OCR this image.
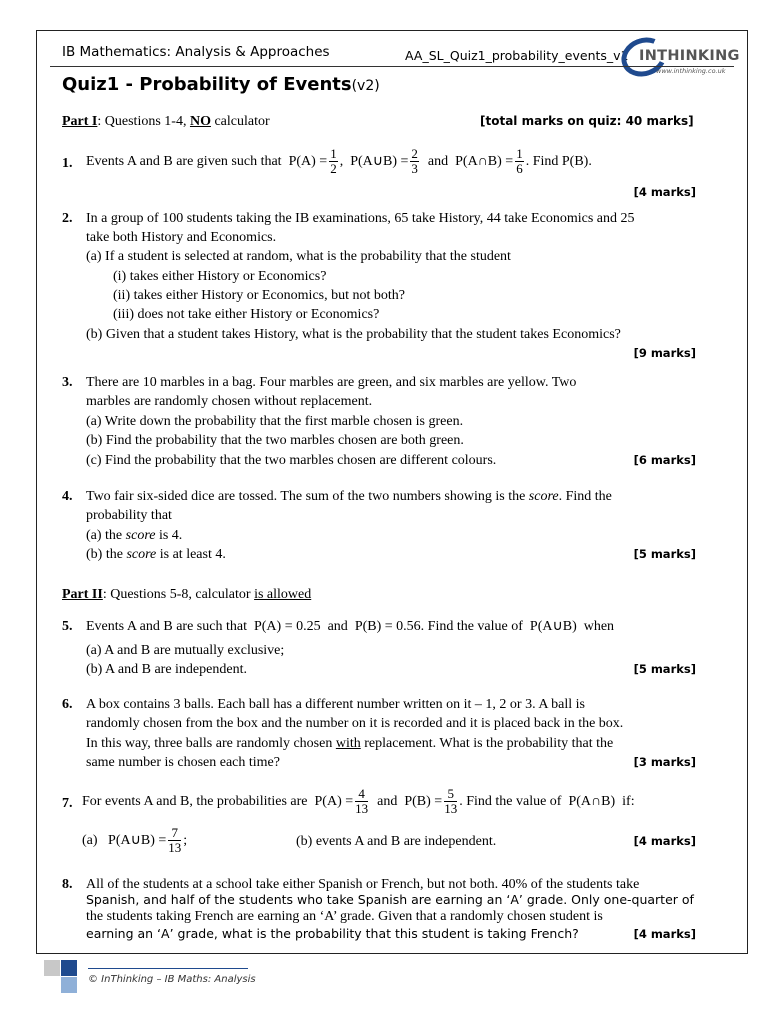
IB Mathematics: Analysis & Approaches	AA_SL_Quiz1_probability_events_v1 INTHINKING
www.inthinking.co.uk
Quiz1 - Probability of Events(v2)
Part I: Questions 1-4, NO calculator	[total marks on quiz: 40 marks]
1. Events A and B are given such that $P(A) = \frac{1}{2}$ ,  P(A∪B) = $\frac{2}{3}$ and P(A∩B) = $\frac{1}{6}$ . Find P(B).
[4 marks]
2. In a group of 100 students taking the IB examinations, 65 take History, 44 take Economics and 25
take both History and Economics.
(a) If a student is selected at random, what is the probability that the student
(i) takes either History or Economics?
(ii) takes either History or Economics, but not both?
(iii) does not take either History or Economics?
(b) Given that a student takes History, what is the probability that the student takes Economics?
[9 marks]
3. There are 10 marbles in a bag. Four marbles are green, and six marbles are yellow. Two
marbles are randomly chosen without replacement.
(a) Write down the probability that the first marble chosen is green.
(b) Find the probability that the two marbles chosen are both green.
(c) Find the probability that the two marbles chosen are different colours.	[6 marks]
4. Two fair six-sided dice are tossed. The sum of the two numbers showing is the score. Find the
probability that
(a) the score is 4.
(b) the score is at least 4.	[5 marks]
Part II: Questions 5-8, calculator is allowed
5. Events A and B are such that P(A) = 0.25 and P(B) = 0.56. Find the value of P(A∪B) when
(a) A and B are mutually exclusive;
(b) A and B are independent.	[5 marks]
6. A box contains 3 balls. Each ball has a different number written on it – 1, 2 or 3. A ball is
randomly chosen from the box and the number on it is recorded and it is placed back in the box.
In this way, three balls are randomly chosen with replacement. What is the probability that the
same number is chosen each time?	[3 marks]
7. For events A and B, the probabilities are $P(A) = \frac{4}{13}$ and $P(B) = \frac{5}{13}$ . Find the value of P(A∩B) if:
(a) P(A∪B) = $\frac{7}{13}$ ;	(b) events A and B are independent.	[4 marks]
8. All of the students at a school take either Spanish or French, but not both. 40% of the students take
Spanish, and half of the students who take Spanish are earning an ‘A’ grade. Only one-quarter of
the students taking French are earning an ‘A’ grade. Given that a randomly chosen student is
earning an ‘A’ grade, what is the probability that this student is taking French?	[4 marks]
© InThinking – IB Maths: Analysis
